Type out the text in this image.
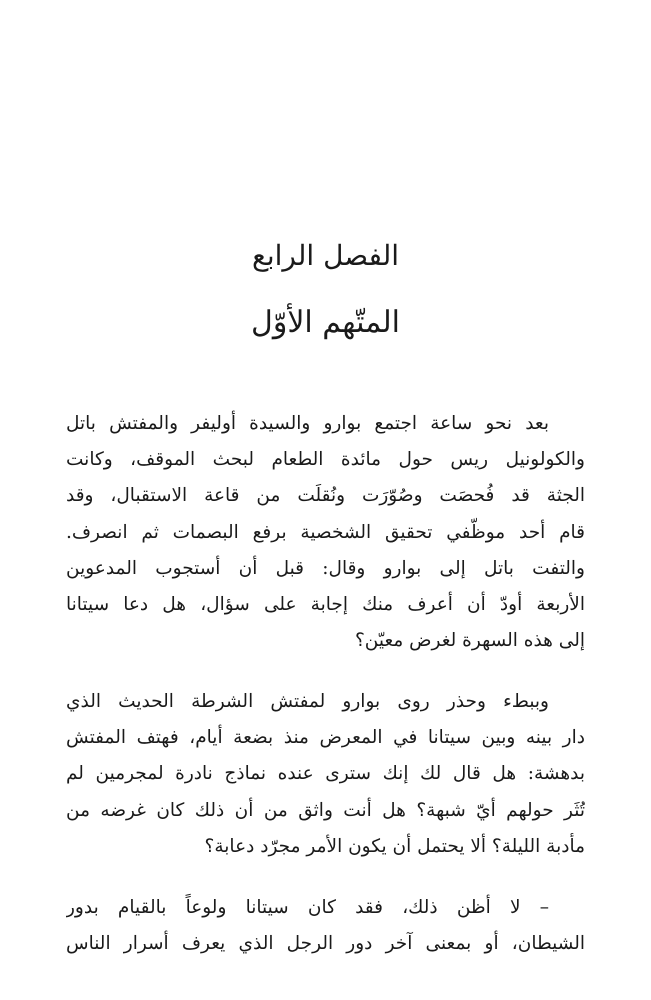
الفصل الرابع
المتّهم الأوّل
بعد نحو ساعة اجتمع بوارو والسيدة أوليفر والمفتش باتل
والكولونيل ريس حول مائدة الطعام لبحث الموقف، وكانت
الجثة قد فُحصَت وصُوّرَت ونُقلَت من قاعة الاستقبال، وقد
قام أحد موظّفي تحقيق الشخصية برفع البصمات ثم انصرف.
والتفت باتل إلى بوارو وقال: قبل أن أستجوب المدعوين
الأربعة أودّ أن أعرف منك إجابة على سؤال، هل دعا سيتانا
إلى هذه السهرة لغرض معيّن؟
وببطء وحذر روى بوارو لمفتش الشرطة الحديث الذي
دار بينه وبين سيتانا في المعرض منذ بضعة أيام، فهتف المفتش
بدهشة: هل قال لك إنك سترى عنده نماذج نادرة لمجرمين لم
تُثَر حولهم أيّ شبهة؟ هل أنت واثق من أن ذلك كان غرضه من
مأدبة الليلة؟ ألا يحتمل أن يكون الأمر مجرّد دعابة؟
– لا أظن ذلك، فقد كان سيتانا ولوعاً بالقيام بدور
الشيطان، أو بمعنى آخر دور الرجل الذي يعرف أسرار الناس
